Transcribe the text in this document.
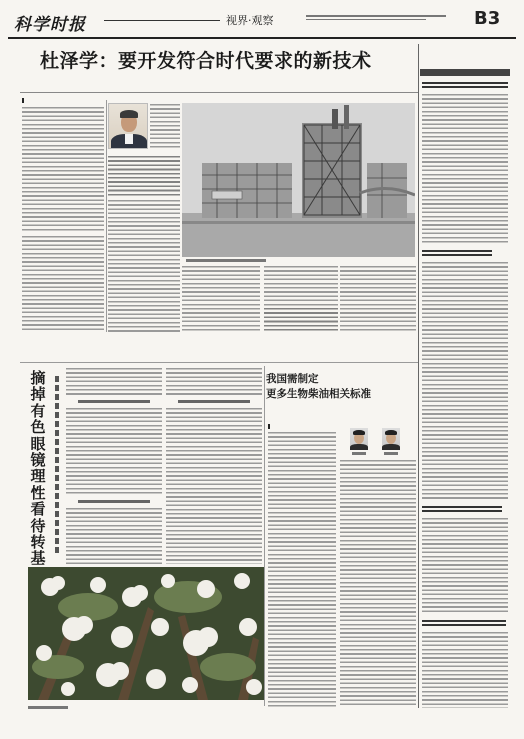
科学时报	视界·观察	B3
杜泽学：要开发符合时代要求的新技术
摘掉有色眼镜 理性看待转基
我国需制定
更多生物柴油相关标准
